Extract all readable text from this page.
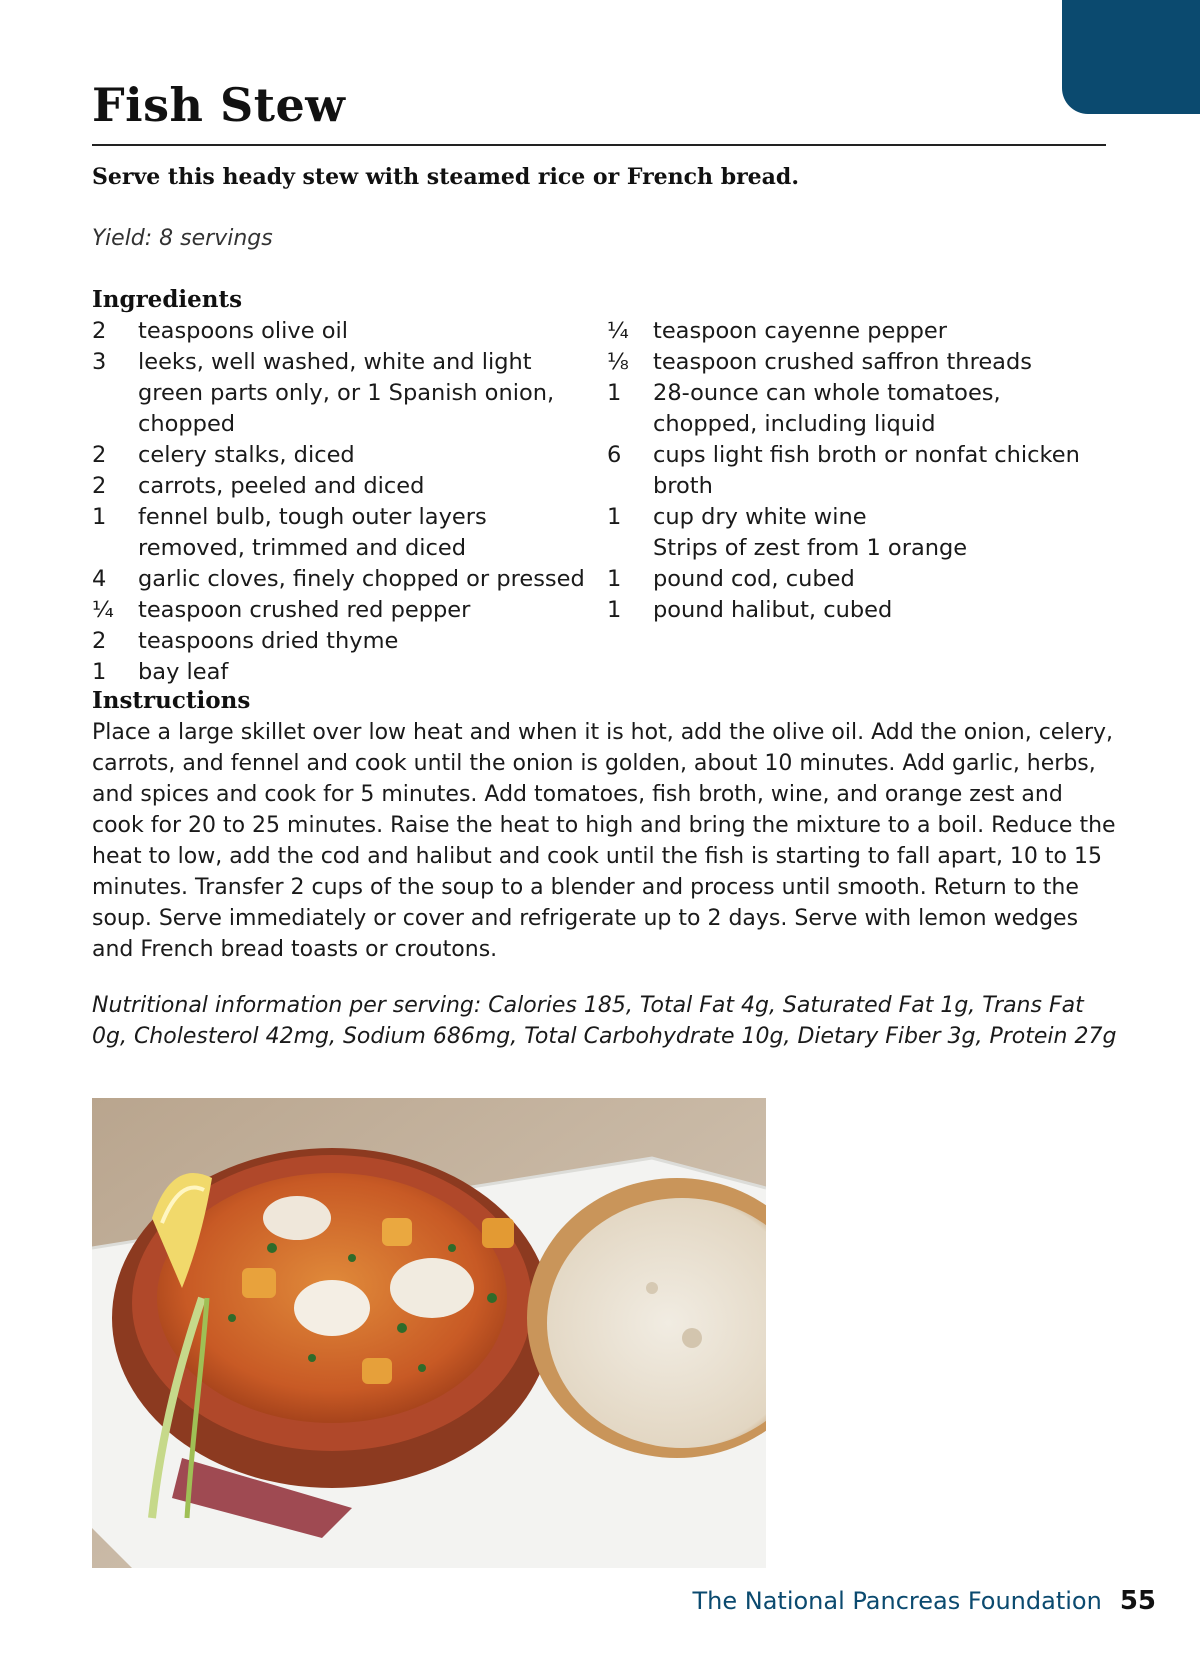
Fish Stew
Serve this heady stew with steamed rice or French bread.
Yield: 8 servings
Ingredients
2	teaspoons olive oil
3	leeks, well washed, white and light green parts only, or 1 Spanish onion, chopped
2	celery stalks, diced
2	carrots, peeled and diced
1	fennel bulb, tough outer layers removed, trimmed and diced
4	garlic cloves, finely chopped or pressed
¼	teaspoon crushed red pepper
2	teaspoons dried thyme
1	bay leaf
¼	teaspoon cayenne pepper
⅛	teaspoon crushed saffron threads
1	28-ounce can whole tomatoes, chopped, including liquid
6	cups light fish broth or nonfat chicken broth
1	cup dry white wine
Strips of zest from 1 orange
1	pound cod, cubed
1	pound halibut, cubed
Instructions

Place a large skillet over low heat and when it is hot, add the olive oil. Add the onion, celery, carrots, and fennel and cook until the onion is golden, about 10 minutes. Add garlic, herbs, and spices and cook for 5 minutes. Add tomatoes, fish broth, wine, and orange zest and cook for 20 to 25 minutes. Raise the heat to high and bring the mixture to a boil. Reduce the heat to low, add the cod and halibut and cook until the fish is starting to fall apart, 10 to 15 minutes. Transfer 2 cups of the soup to a blender and process until smooth. Return to the soup. Serve immediately or cover and refrigerate up to 2 days. Serve with lemon wedges and French bread toasts or croutons.

Nutritional information per serving: Calories 185, Total Fat 4g, Saturated Fat 1g, Trans Fat 0g, Cholesterol 42mg, Sodium 686mg, Total Carbohydrate 10g, Dietary Fiber 3g, Protein 27g

The National Pancreas Foundation 55
